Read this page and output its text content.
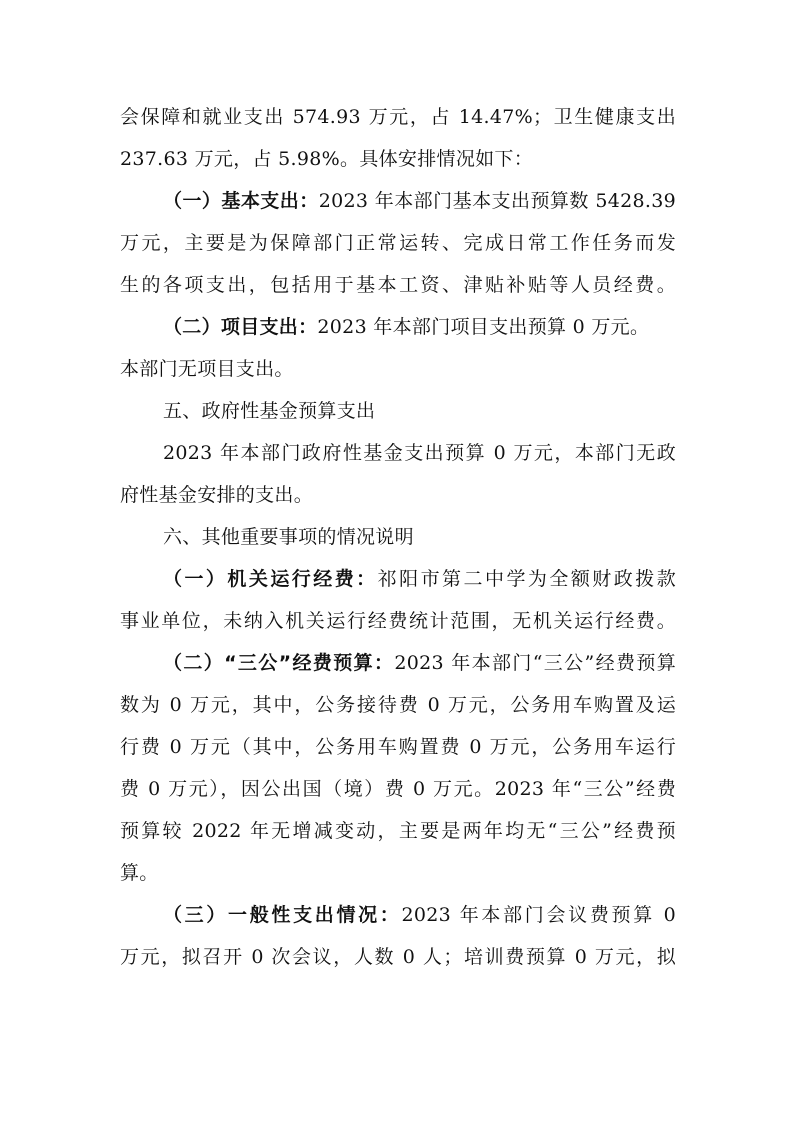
会保障和就业支出 574.93 万元，占 14.47%；卫生健康支出
237.63 万元，占 5.98%。具体安排情况如下：
（一）基本支出：2023 年本部门基本支出预算数 5428.39
万元，主要是为保障部门正常运转、完成日常工作任务而发
生的各项支出，包括用于基本工资、津贴补贴等人员经费。
（二）项目支出：2023 年本部门项目支出预算 0 万元。
本部门无项目支出。
五、政府性基金预算支出
2023 年本部门政府性基金支出预算 0 万元，本部门无政
府性基金安排的支出。
六、其他重要事项的情况说明
（一）机关运行经费：祁阳市第二中学为全额财政拨款
事业单位，未纳入机关运行经费统计范围，无机关运行经费。
（二）“三公”经费预算：2023 年本部门“三公”经费预算
数为 0 万元，其中，公务接待费 0 万元，公务用车购置及运
行费 0 万元（其中，公务用车购置费 0 万元，公务用车运行
费 0 万元），因公出国（境）费 0 万元。2023 年“三公”经费
预算较 2022 年无增减变动，主要是两年均无“三公”经费预
算。
（三）一般性支出情况：2023 年本部门会议费预算 0
万元，拟召开 0 次会议，人数 0 人；培训费预算 0 万元，拟
